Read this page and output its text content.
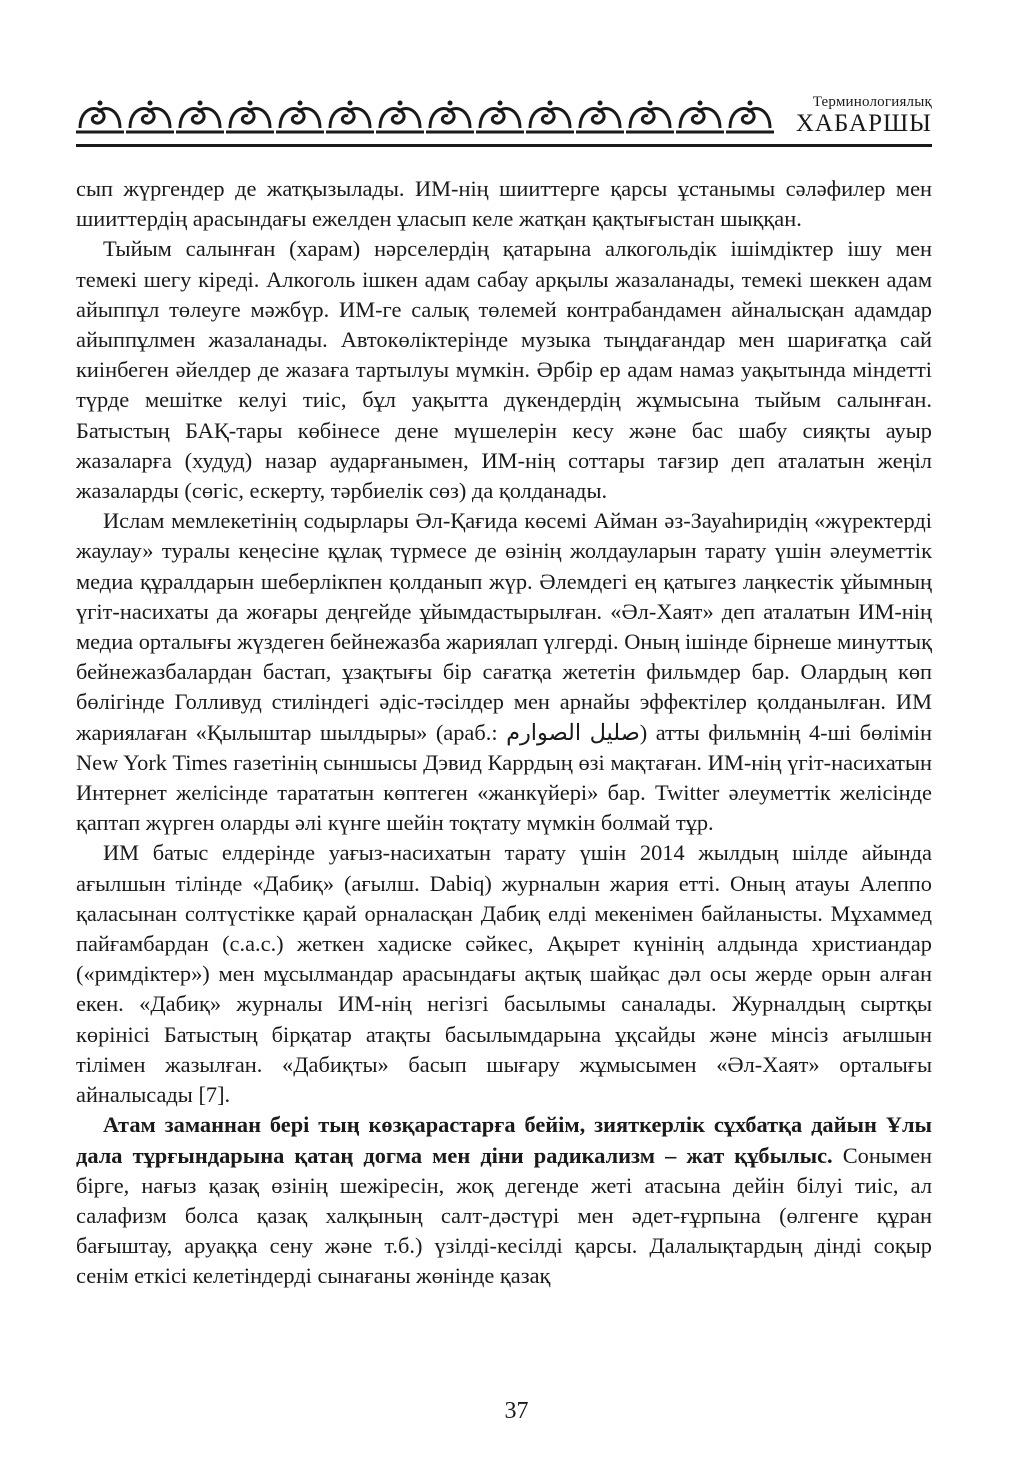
Терминологиялық
ХАБАРШЫ

сып жүргендер де жатқызылады. ИМ-нің шииттерге қарсы ұстанымы сәләфилер мен шииттердің арасындағы ежелден ұласып келе жатқан қақтығыстан шыққан.

Тыйым салынған (харам) нәрселердің қатарына алкогольдік ішімдіктер ішу мен темекі шегу кіреді. Алкоголь ішкен адам сабау арқылы жазаланады, темекі шеккен адам айыппұл төлеуге мәжбүр. ИМ-ге салық төлемей контрабандамен айналысқан адамдар айыппұлмен жазаланады. Автокөліктерінде музыка тыңдағандар мен шариғатқа сай киінбеген әйелдер де жазаға тартылуы мүмкін. Әрбір ер адам намаз уақытында міндетті түрде мешітке келуі тиіс, бұл уақытта дүкендердің жұмысына тыйым салынған. Батыстың БАҚ-тары көбінесе дене мүшелерін кесу және бас шабу сияқты ауыр жазаларға (худуд) назар аударғанымен, ИМ-нің соттары тағзир деп аталатын жеңіл жазаларды (сөгіс, ескерту, тәрбиелік сөз) да қолданады.

Ислам мемлекетінің содырлары Әл-Қағида көсемі Айман әз-Зауаһиридің «жүректерді жаулау» туралы кеңесіне құлақ түрмесе де өзінің жолдауларын тарату үшін әлеуметтік медиа құралдарын шеберлікпен қолданып жүр. Әлемдегі ең қатыгез лаңкестік ұйымның үгіт-насихаты да жоғары деңгейде ұйымдастырылған. «Әл-Хаят» деп аталатын ИМ-нің медиа орталығы жүздеген бейнежазба жариялап үлгерді. Оның ішінде бірнеше минуттық бейнежазбалардан бастап, ұзақтығы бір сағатқа жететін фильмдер бар. Олардың көп бөлігінде Голливуд стиліндегі әдіс-тәсілдер мен арнайы эффектілер қолданылған. ИМ жариялаған «Қылыштар шылдыры» (араб.: صليل الصوارم) атты фильмнің 4-ші бөлімін New York Times газетінің сыншысы Дэвид Каррдың өзі мақтаған. ИМ-нің үгіт-насихатын Интернет желісінде тарататын көптеген «жанкүйері» бар. Twitter әлеуметтік желісінде қаптап жүрген оларды әлі күнге шейін тоқтату мүмкін болмай тұр.

ИМ батыс елдерінде уағыз-насихатын тарату үшін 2014 жылдың шілде айында ағылшын тілінде «Дабиқ» (ағылш. Dabiq) журналын жария етті. Оның атауы Алеппо қаласынан солтүстікке қарай орналасқан Дабиқ елді мекенімен байланысты. Мұхаммед пайғамбардан (с.а.с.) жеткен хадиске сәйкес, Ақырет күнінің алдында христиандар («римдіктер») мен мұсылмандар арасындағы ақтық шайқас дәл осы жерде орын алған екен. «Дабиқ» журналы ИМ-нің негізгі басылымы саналады. Журналдың сыртқы көрінісі Батыстың бірқатар атақты басылымдарына ұқсайды және мінсіз ағылшын тілімен жазылған. «Дабиқты» басып шығару жұмысымен «Әл-Хаят» орталығы айналысады [7].

Атам заманнан бері тың көзқарастарға бейім, зияткерлік сұхбатқа дайын Ұлы дала тұрғындарына қатаң догма мен діни радикализм – жат құбылыс. Сонымен бірге, нағыз қазақ өзінің шежіресін, жоқ дегенде жеті атасына дейін білуі тиіс, ал салафизм болса қазақ халқының салт-дәстүрі мен әдет-ғұрпына (өлгенге құран бағыштау, аруаққа сену және т.б.) үзілді-кесілді қарсы. Далалықтардың дінді соқыр сенім еткісі келетіндерді сынағаны жөнінде қазақ

37
